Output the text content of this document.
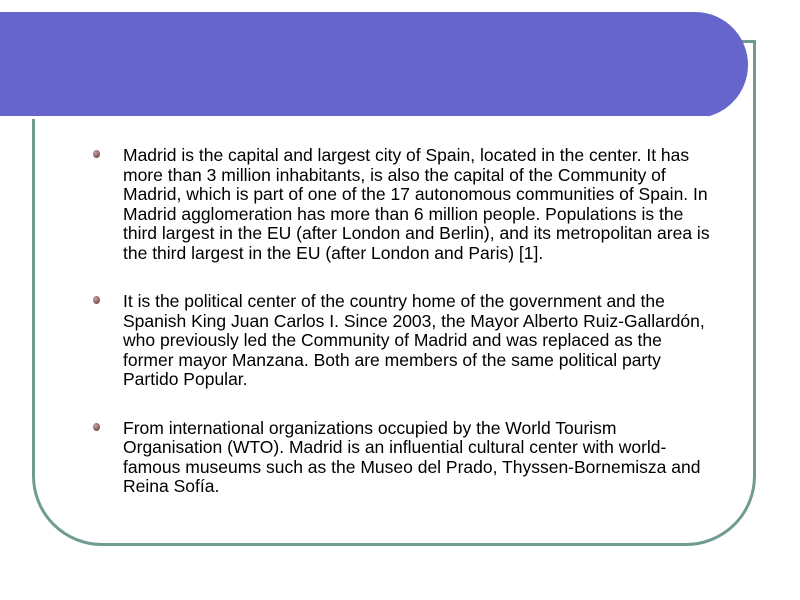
Madrid is the capital and largest city of Spain, located in the center. It has more than 3 million inhabitants, is also the capital of the Community of Madrid, which is part of one of the 17 autonomous communities of Spain. In Madrid agglomeration has more than 6 million people. Populations is the third largest in the EU (after London and Berlin), and its metropolitan area is the third largest in the EU (after London and Paris) [1].
It is the political center of the country home of the government and the Spanish King Juan Carlos I. Since 2003, the Mayor Alberto Ruiz-Gallardón, who previously led the Community of Madrid and was replaced as the former mayor Manzana. Both are members of the same political party Partido Popular.
From international organizations occupied by the World Tourism Organisation (WTO). Madrid is an influential cultural center with world-famous museums such as the Museo del Prado, Thyssen-Bornemisza and Reina Sofía.
